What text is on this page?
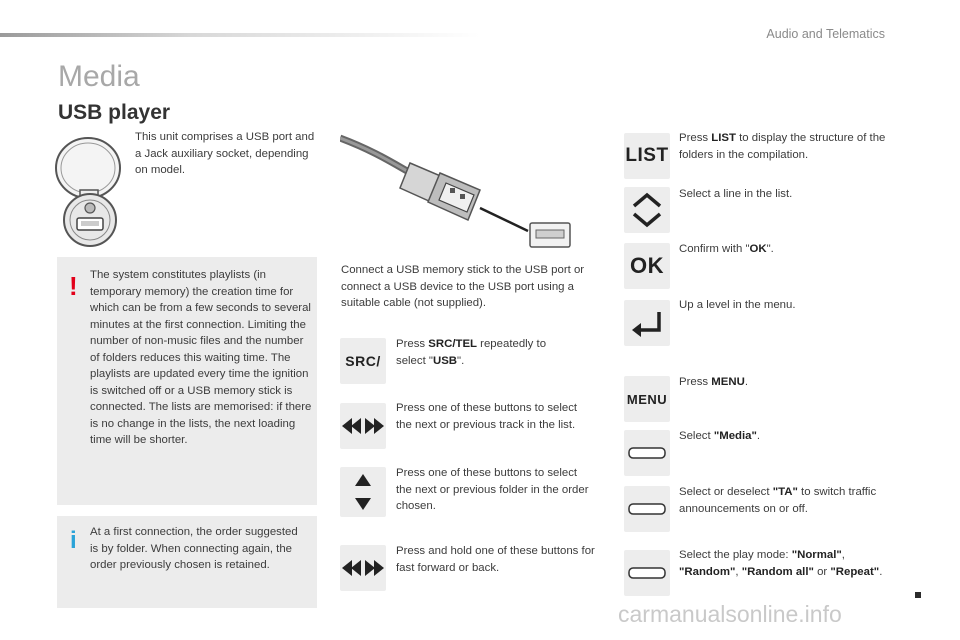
Audio and Telematics
Media
USB player
This unit comprises a USB port and a Jack auxiliary socket, depending on model.
! The system constitutes playlists (in temporary memory) the creation time for which can be from a few seconds to several minutes at the first connection. Limiting the number of non-music files and the number of folders reduces this waiting time. The playlists are updated every time the ignition is switched off or a USB memory stick is connected. The lists are memorised: if there is no change in the lists, the next loading time will be shorter.
i At a first connection, the order suggested is by folder. When connecting again, the order previously chosen is retained.
Connect a USB memory stick to the USB port or connect a USB device to the USB port using a suitable cable (not supplied).
SRC /
Press SRC/TEL repeatedly to select "USB".
Press one of these buttons to select the next or previous track in the list.
Press one of these buttons to select the next or previous folder in the order chosen.
Press and hold one of these buttons for fast forward or back.
LIST
Press LIST to display the structure of the folders in the compilation.
Select a line in the list.
OK
Confirm with "OK".
Up a level in the menu.
MENU
Press MENU.
Select "Media".
Select or deselect "TA" to switch traffic announcements on or off.
Select the play mode: "Normal", "Random", "Random all" or "Repeat".
carmanualsonline.info
